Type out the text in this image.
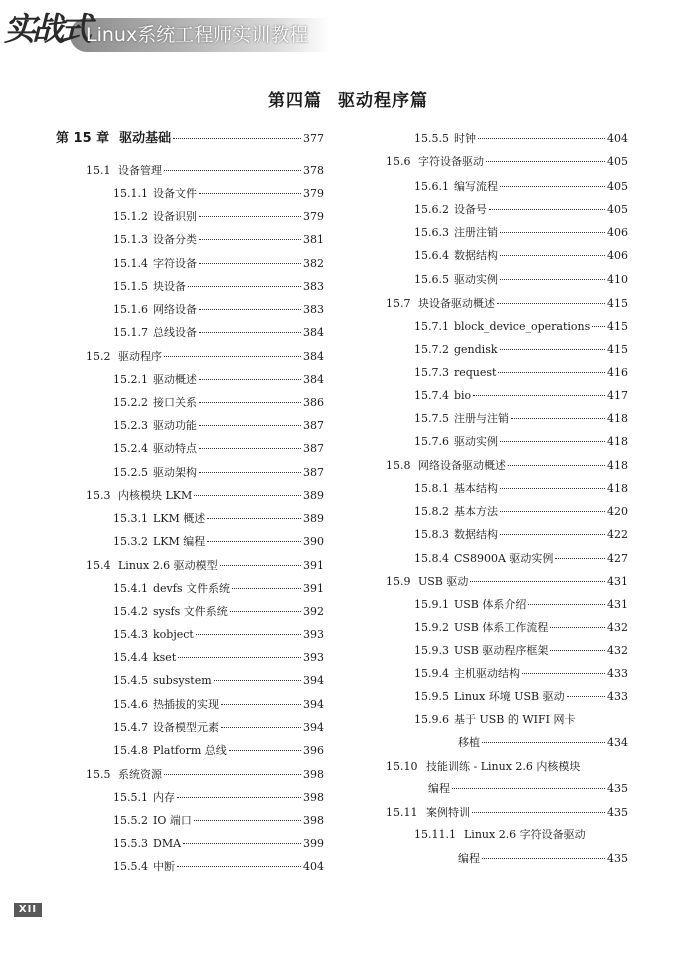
实战式
Linux系统工程师实训教程
第四篇 驱动程序篇
第 15 章 驱动基础	377
15.1 设备管理	378
15.1.1 设备文件	379
15.1.2 设备识别	379
15.1.3 设备分类	381
15.1.4 字符设备	382
15.1.5 块设备	383
15.1.6 网络设备	383
15.1.7 总线设备	384
15.2 驱动程序	384
15.2.1 驱动概述	384
15.2.2 接口关系	386
15.2.3 驱动功能	387
15.2.4 驱动特点	387
15.2.5 驱动架构	387
15.3 内核模块 LKM	389
15.3.1 LKM 概述	389
15.3.2 LKM 编程	390
15.4 Linux 2.6 驱动模型	391
15.4.1 devfs 文件系统	391
15.4.2 sysfs 文件系统	392
15.4.3 kobject	393
15.4.4 kset	393
15.4.5 subsystem	394
15.4.6 热插拔的实现	394
15.4.7 设备模型元素	394
15.4.8 Platform 总线	396
15.5 系统资源	398
15.5.1 内存	398
15.5.2 IO 端口	398
15.5.3 DMA	399
15.5.4 中断	404
15.5.5 时钟	404
15.6 字符设备驱动	405
15.6.1 编写流程	405
15.6.2 设备号	405
15.6.3 注册注销	406
15.6.4 数据结构	406
15.6.5 驱动实例	410
15.7 块设备驱动概述	415
15.7.1 block_device_operations 415
15.7.2 gendisk	415
15.7.3 request	416
15.7.4 bio	417
15.7.5 注册与注销	418
15.7.6 驱动实例	418
15.8 网络设备驱动概述	418
15.8.1 基本结构	418
15.8.2 基本方法	420
15.8.3 数据结构	422
15.8.4 CS8900A 驱动实例	427
15.9 USB 驱动	431
15.9.1 USB 体系介绍	431
15.9.2 USB 体系工作流程	432
15.9.3 USB 驱动程序框架	432
15.9.4 主机驱动结构	433
15.9.5 Linux 环境 USB 驱动	433
15.9.6 基于 USB 的 WIFI 网卡
移植	434
15.10 技能训练 - Linux 2.6 内核模块
编程	435
15.11 案例特训	435
15.11.1 Linux 2.6 字符设备驱动
编程	435
XII
